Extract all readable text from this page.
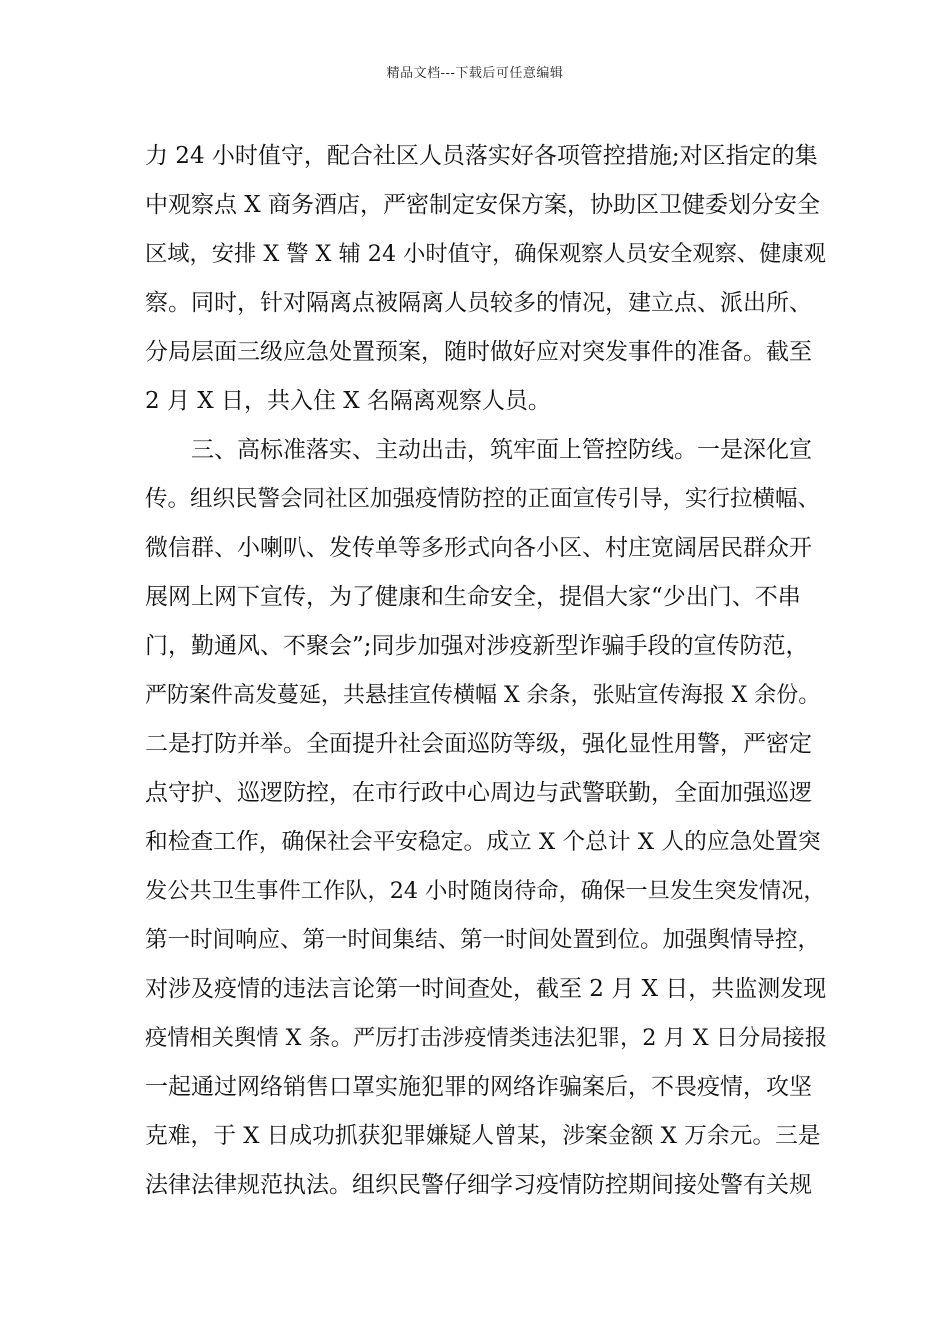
精品文档---下载后可任意编辑
力 24 小时值守，配合社区人员落实好各项管控措施;对区指定的集
中观察点 X 商务酒店，严密制定安保方案，协助区卫健委划分安全
区域，安排 X 警 X 辅 24 小时值守，确保观察人员安全观察、健康观
察。同时，针对隔离点被隔离人员较多的情况，建立点、派出所、
分局层面三级应急处置预案，随时做好应对突发事件的准备。截至
2 月 X 日，共入住 X 名隔离观察人员。
　　三、高标准落实、主动出击，筑牢面上管控防线。一是深化宣
传。组织民警会同社区加强疫情防控的正面宣传引导，实行拉横幅、
微信群、小喇叭、发传单等多形式向各小区、村庄宽阔居民群众开
展网上网下宣传，为了健康和生命安全，提倡大家“少出门、不串
门，勤通风、不聚会”;同步加强对涉疫新型诈骗手段的宣传防范，
严防案件高发蔓延，共悬挂宣传横幅 X 余条，张贴宣传海报 X 余份。
二是打防并举。全面提升社会面巡防等级，强化显性用警，严密定
点守护、巡逻防控，在市行政中心周边与武警联勤，全面加强巡逻
和检查工作，确保社会平安稳定。成立 X 个总计 X 人的应急处置突
发公共卫生事件工作队，24 小时随岗待命，确保一旦发生突发情况，
第一时间响应、第一时间集结、第一时间处置到位。加强舆情导控，
对涉及疫情的违法言论第一时间查处，截至 2 月 X 日，共监测发现
疫情相关舆情 X 条。严厉打击涉疫情类违法犯罪，2 月 X 日分局接报
一起通过网络销售口罩实施犯罪的网络诈骗案后，不畏疫情，攻坚
克难，于 X 日成功抓获犯罪嫌疑人曾某，涉案金额 X 万余元。三是
法律法律规范执法。组织民警仔细学习疫情防控期间接处警有关规
